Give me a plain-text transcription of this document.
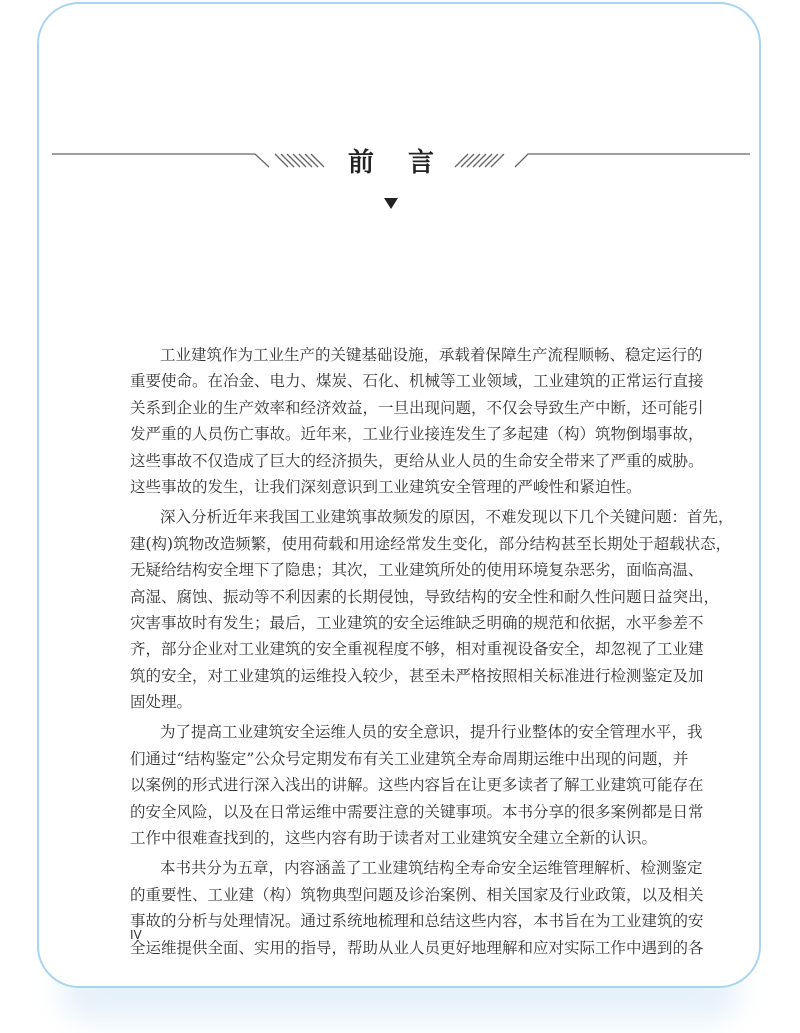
前 言
工业建筑作为工业生产的关键基础设施，承载着保障生产流程顺畅、稳定运行的
重要使命。在冶金、电力、煤炭、石化、机械等工业领域，工业建筑的正常运行直接
关系到企业的生产效率和经济效益，一旦出现问题，不仅会导致生产中断，还可能引
发严重的人员伤亡事故。近年来，工业行业接连发生了多起建（构）筑物倒塌事故，
这些事故不仅造成了巨大的经济损失，更给从业人员的生命安全带来了严重的威胁。
这些事故的发生，让我们深刻意识到工业建筑安全管理的严峻性和紧迫性。
深入分析近年来我国工业建筑事故频发的原因，不难发现以下几个关键问题：首先，
建(构)筑物改造频繁，使用荷载和用途经常发生变化，部分结构甚至长期处于超载状态，
无疑给结构安全埋下了隐患；其次，工业建筑所处的使用环境复杂恶劣，面临高温、
高湿、腐蚀、振动等不利因素的长期侵蚀，导致结构的安全性和耐久性问题日益突出，
灾害事故时有发生；最后，工业建筑的安全运维缺乏明确的规范和依据，水平参差不
齐，部分企业对工业建筑的安全重视程度不够，相对重视设备安全，却忽视了工业建
筑的安全，对工业建筑的运维投入较少，甚至未严格按照相关标准进行检测鉴定及加
固处理。
为了提高工业建筑安全运维人员的安全意识，提升行业整体的安全管理水平，我
们通过“结构鉴定”公众号定期发布有关工业建筑全寿命周期运维中出现的问题，并
以案例的形式进行深入浅出的讲解。这些内容旨在让更多读者了解工业建筑可能存在
的安全风险，以及在日常运维中需要注意的关键事项。本书分享的很多案例都是日常
工作中很难查找到的，这些内容有助于读者对工业建筑安全建立全新的认识。
本书共分为五章，内容涵盖了工业建筑结构全寿命安全运维管理解析、检测鉴定
的重要性、工业建（构）筑物典型问题及诊治案例、相关国家及行业政策，以及相关
事故的分析与处理情况。通过系统地梳理和总结这些内容，本书旨在为工业建筑的安
全运维提供全面、实用的指导，帮助从业人员更好地理解和应对实际工作中遇到的各
IV
